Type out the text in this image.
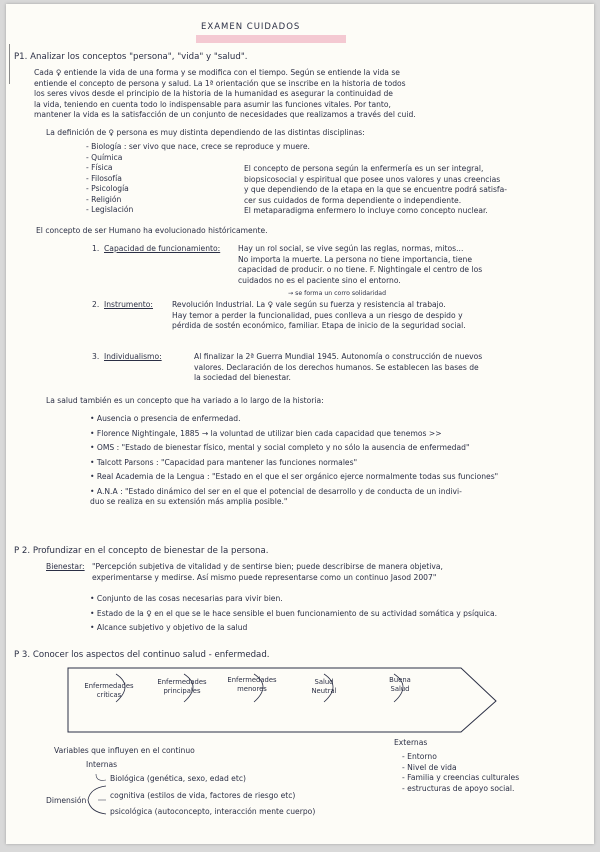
EXAMEN CUIDADOS
P1. Analizar los conceptos "persona", "vida" y "salud".
Cada ♀ entiende la vida de una forma y se modifica con el tiempo. Según se entiende la vida se
entiende el concepto de persona y salud. La 1ª orientación que se inscribe en la historia de todos
los seres vivos desde el principio de la historia de la humanidad es asegurar la continuidad de
la vida, teniendo en cuenta todo lo indispensable para asumir las funciones vitales. Por tanto,
mantener la vida es la satisfacción de un conjunto de necesidades que realizamos a través del cuid.
La definición de ♀ persona es muy distinta dependiendo de las distintas disciplinas:
- Biología : ser vivo que nace, crece se reproduce y muere.
- Química
- Física
- Filosofía
- Psicología
- Religión
- Legislación
El concepto de persona según la enfermería es un ser integral,
biopsicosocial y espiritual que posee unos valores y unas creencias
y que dependiendo de la etapa en la que se encuentre podrá satisfa-
cer sus cuidados de forma dependiente o independiente.
El metaparadigma enfermero lo incluye como concepto nuclear.
El concepto de ser Humano ha evolucionado históricamente.
1. Capacidad de funcionamiento: Hay un rol social, se vive según las reglas, normas, mitos...
No importa la muerte. La persona no tiene importancia, tiene
capacidad de producir. o no tiene. F. Nightingale el centro de los
cuidados no es el paciente sino el entorno.
→ se forma un corro solidaridad
2. Instrumento:	Revolución Industrial. La ♀ vale según su fuerza y resistencia al trabajo.
Hay temor a perder la funcionalidad, pues conlleva a un riesgo de despido y
pérdida de sostén económico, familiar. Etapa de inicio de la seguridad social.
3. Individualismo:	Al finalizar la 2ª Guerra Mundial 1945. Autonomía o construcción de nuevos
valores. Declaración de los derechos humanos. Se establecen las bases de
la sociedad del bienestar.
La salud también es un concepto que ha variado a lo largo de la historia:
• Ausencia o presencia de enfermedad.
• Florence Nightingale, 1885 → la voluntad de utilizar bien cada capacidad que tenemos >>
• OMS : "Estado de bienestar físico, mental y social completo y no sólo la ausencia de enfermedad"
• Talcott Parsons : "Capacidad para mantener las funciones normales"
• Real Academia de la Lengua : "Estado en el que el ser orgánico ejerce normalmente todas sus funciones"
• A.N.A : "Estado dinámico del ser en el que el potencial de desarrollo y de conducta de un indivi-
duo se realiza en su extensión más amplia posible."
P 2. Profundizar en el concepto de bienestar de la persona.
Bienestar: "Percepción subjetiva de vitalidad y de sentirse bien; puede describirse de manera objetiva,
experimentarse y medirse. Así mismo puede representarse como un continuo Jasod 2007"
• Conjunto de las cosas necesarias para vivir bien.
• Estado de la ♀ en el que se le hace sensible el buen funcionamiento de su actividad somática y psíquica.
• Alcance subjetivo y objetivo de la salud
P 3. Conocer los aspectos del continuo salud - enfermedad.
Enfermedades críticas
Enfermedades principales
Enfermedades menores
Salud Neutral
Buena Salud
Variables que influyen en el continuo
Internas
Dimensión
Biológica (genética, sexo, edad etc)
cognitiva (estilos de vida, factores de riesgo etc)
psicológica (autoconcepto, interacción mente cuerpo)
Externas
- Entorno
- Nivel de vida
- Familia y creencias culturales
- estructuras de apoyo social.
